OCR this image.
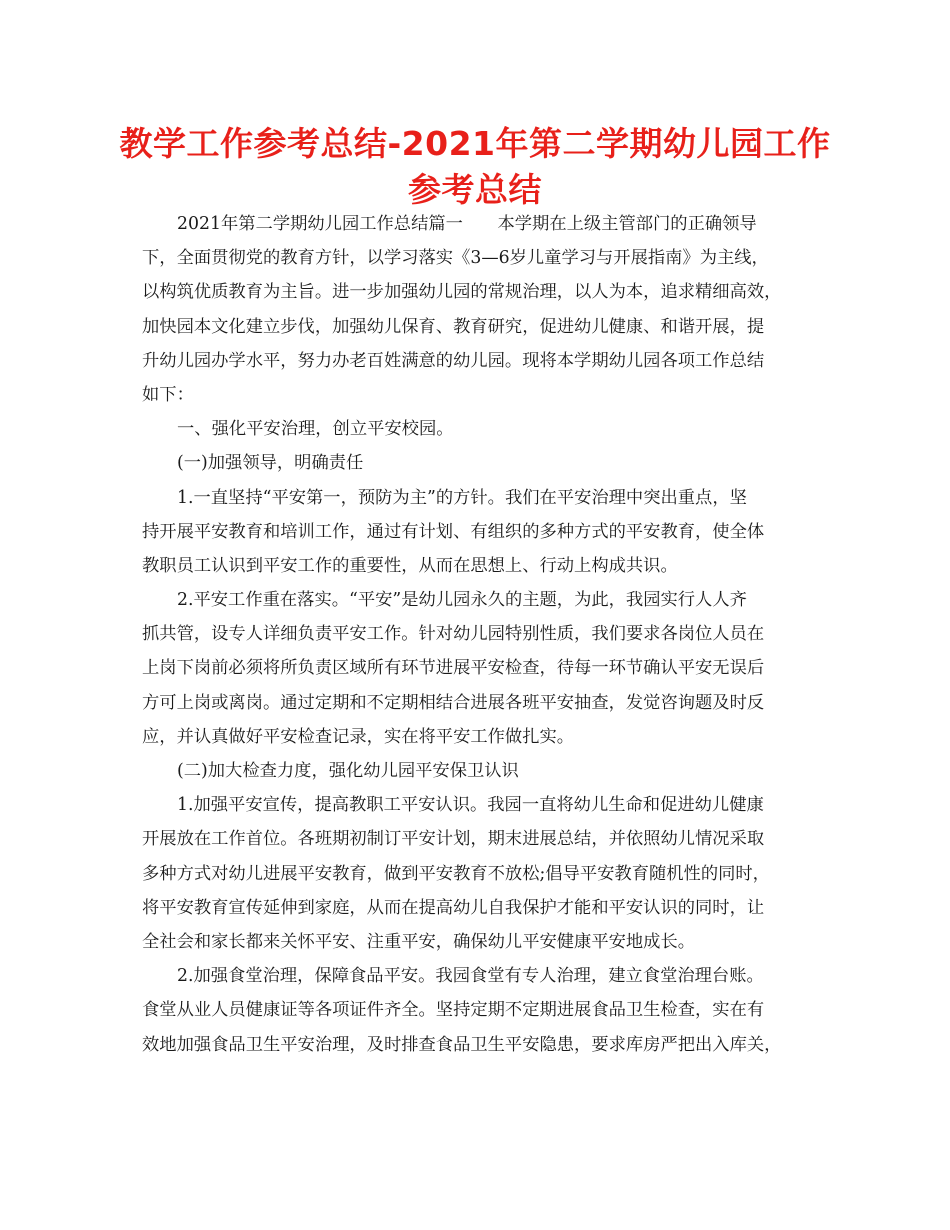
教学工作参考总结-2021年第二学期幼儿园工作
参考总结
2021年第二学期幼儿园工作总结篇一　　本学期在上级主管部门的正确领导
下，全面贯彻党的教育方针，以学习落实《3—6岁儿童学习与开展指南》为主线，
以构筑优质教育为主旨。进一步加强幼儿园的常规治理，以人为本，追求精细高效，
加快园本文化建立步伐，加强幼儿保育、教育研究，促进幼儿健康、和谐开展，提
升幼儿园办学水平，努力办老百姓满意的幼儿园。现将本学期幼儿园各项工作总结
如下：
一、强化平安治理，创立平安校园。
(一)加强领导，明确责任
1.一直坚持“平安第一，预防为主”的方针。我们在平安治理中突出重点，坚
持开展平安教育和培训工作，通过有计划、有组织的多种方式的平安教育，使全体
教职员工认识到平安工作的重要性，从而在思想上、行动上构成共识。
2.平安工作重在落实。“平安”是幼儿园永久的主题，为此，我园实行人人齐
抓共管，设专人详细负责平安工作。针对幼儿园特别性质，我们要求各岗位人员在
上岗下岗前必须将所负责区域所有环节进展平安检查，待每一环节确认平安无误后
方可上岗或离岗。通过定期和不定期相结合进展各班平安抽查，发觉咨询题及时反
应，并认真做好平安检查记录，实在将平安工作做扎实。
(二)加大检查力度，强化幼儿园平安保卫认识
1.加强平安宣传，提高教职工平安认识。我园一直将幼儿生命和促进幼儿健康
开展放在工作首位。各班期初制订平安计划，期末进展总结，并依照幼儿情况采取
多种方式对幼儿进展平安教育，做到平安教育不放松;倡导平安教育随机性的同时，
将平安教育宣传延伸到家庭，从而在提高幼儿自我保护才能和平安认识的同时，让
全社会和家长都来关怀平安、注重平安，确保幼儿平安健康平安地成长。
2.加强食堂治理，保障食品平安。我园食堂有专人治理，建立食堂治理台账。
食堂从业人员健康证等各项证件齐全。坚持定期不定期进展食品卫生检查，实在有
效地加强食品卫生平安治理，及时排查食品卫生平安隐患，要求库房严把出入库关，
